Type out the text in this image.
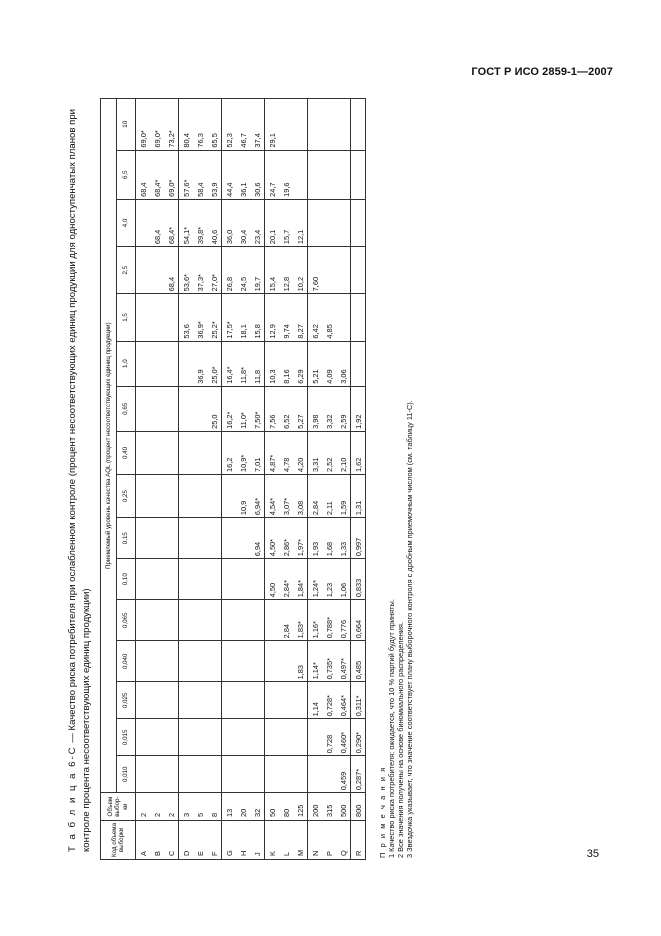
ГОСТ Р ИСО 2859-1—2007
Т а б л и ц а 6-С — Качество риска потребителя при ослабленном контроле (процент несоответствующих единиц продукции для одноступенчатых планов при контроле процента несоответствующих единиц продукции)	Код объема выборки	Объем выбор-ки	Приемлемый уровень качества AQL (процент несоответствующих единиц продукции)															
		0,010	0,015	0,025	0,040	0,065	0,10	0,15	0,25	0,40	0,65	1,0	1,5	2,5	4,0	6,5	10
A	2															68,4	69,0*
B	2														68,4	68,4*	69,0*
C	2													68,4	68,4*	69,0*	73,2*
D	3												53,6	53,6*	54,1*	57,6*	80,4
E	5											36,9	36,9*	37,3*	39,8*	58,4	76,3
F	8										25,0	25,0*	25,2*	27,0*	40,6	53,9	65,5
G	13									16,2	16,2*	16,4*	17,5*	26,8	36,0	44,4	52,3
H	20								10,9	10,9*	11,0*	11,8*	18,1	24,5	30,4	36,1	46,7
J	32							6,94	6,94*	7,01	7,50*	11,8	15,8	19,7	23,4	30,6	37,4
K	50						4,50	4,50*	4,54*	4,87*	7,56	10,3	12,9	15,4	20,1	24,7	29,1
L	80					2,84	2,84*	2,86*	3,07*	4,78	6,52	8,16	9,74	12,8	15,7	19,6	
M	125				1,83	1,83*	1,84*	1,97*	3,08	4,20	5,27	6,29	8,27	10,2	12,1		
N	200			1,14	1,14*	1,16*	1,24*	1,93	2,84	3,31	3,98	5,21	6,42	7,60			
P	315		0,728	0,728*	0,735*	0,788*	1,23	1,68	2,11	2,52	3,32	4,09	4,85				
Q	500	0,459	0,460*	0,464*	0,497*	0,776	1,06	1,33	1,59	2,10	2,59	3,06					
R	800	0,287*	0,290*	0,311*	0,485	0,664	0,833	0,997	1,31	1,62	1,92						
П р и м е ч а н и я 1 Качество риска потребителя: ожидается, что 10 % партий будут приняты. 2 Все значения получены на основе биномиального распределения. 3 Звездочка указывает, что значение соответствует плану выборочного контроля с дробным приемочным числом (см. таблицу 11-С).	35
